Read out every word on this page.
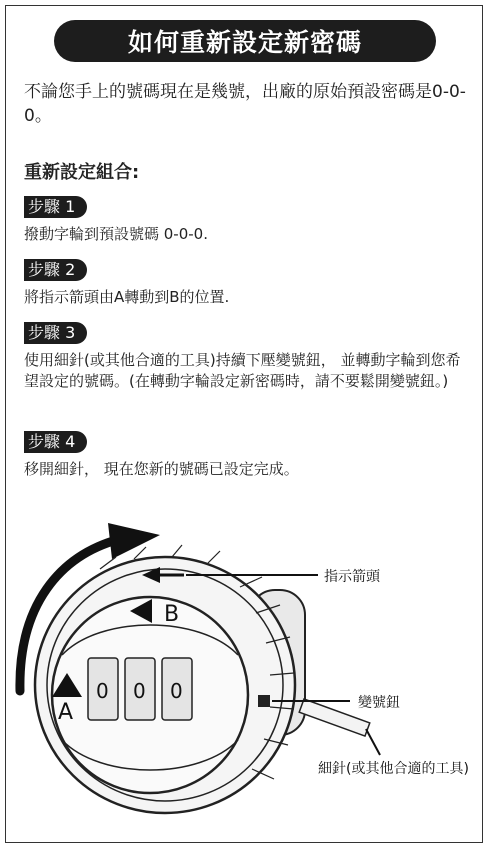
如何重新設定新密碼
不論您手上的號碼現在是幾號，出廠的原始預設密碼是0-0-0。
重新設定組合:
步驟 1
撥動字輪到預設號碼 0-0-0.
步驟 2
將指示箭頭由A轉動到B的位置.
步驟 3
使用細針(或其他合適的工具)持續下壓變號鈕， 並轉動字輪到您希望設定的號碼。(在轉動字輪設定新密碼時，請不要鬆開變號鈕。)
步驟 4
移開細針， 現在您新的號碼已設定完成。
B
A
0 0 0
指示箭頭
變號鈕
細針(或其他合適的工具)
